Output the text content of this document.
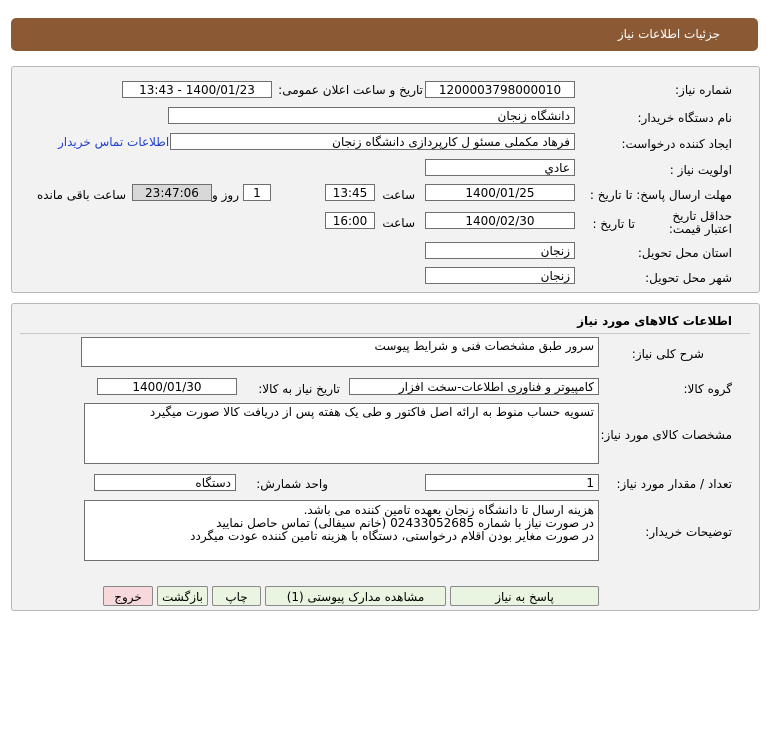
جزئیات اطلاعات نیاز
شماره نیاز:
1200003798000010
تاریخ و ساعت اعلان عمومی:
1400/01/23 - 13:43
نام دستگاه خریدار:
دانشگاه زنجان
ایجاد کننده درخواست:
فرهاد مکملی مسئو ل کارپردازی دانشگاه زنجان
اطلاعات تماس خریدار
اولویت نیاز :
عادي
مهلت ارسال پاسخ: تا تاریخ :
1400/01/25
ساعت
13:45
1
روز و
23:47:06
ساعت باقی مانده
حداقل تاریخ اعتبار قیمت:
تا تاریخ :
1400/02/30
ساعت
16:00
استان محل تحویل:
زنجان
شهر محل تحویل:
زنجان
اطلاعات کالاهای مورد نیاز
شرح کلی نیاز:
سرور طبق مشخصات فنی و شرایط پیوست
گروه کالا:
کامپیوتر و فناوری اطلاعات-سخت افزار
تاریخ نیاز به کالا:
1400/01/30
مشخصات کالای مورد نیاز:
تسویه حساب منوط به ارائه اصل فاکتور و طی یک هفته پس از دریافت کالا صورت میگیرد
تعداد / مقدار مورد نیاز:
1
واحد شمارش:
دستگاه
توضیحات خریدار:
هزینه ارسال تا دانشگاه زنجان بعهده تامین کننده می باشد.
در صورت نیاز با شماره 02433052685 (خانم سیفالی) تماس حاصل نمایید
در صورت مغایر بودن اقلام درخواستی، دستگاه با هزینه تامین کننده عودت میگردد
پاسخ به نیاز
مشاهده مدارک پیوستی (1)
چاپ
بازگشت
خروج
